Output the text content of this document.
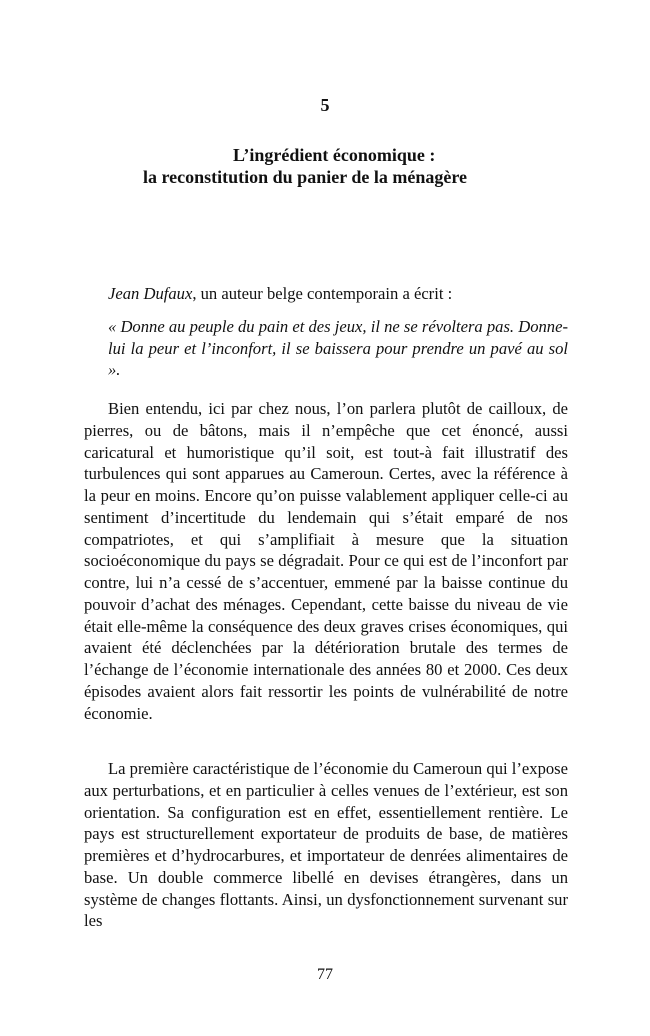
5
L’ingrédient économique :
la reconstitution du panier de la ménagère
Jean Dufaux, un auteur belge contemporain a écrit :
« Donne au peuple du pain et des jeux, il ne se révoltera pas. Donne-lui la peur et l’inconfort, il se baissera pour prendre un pavé au sol ».

Bien entendu, ici par chez nous, l’on parlera plutôt de cailloux, de pierres, ou de bâtons, mais il n’empêche que cet énoncé, aussi caricatural et humoristique qu’il soit, est tout-à fait illustratif des turbulences qui sont apparues au Cameroun. Certes, avec la référence à la peur en moins. Encore qu’on puisse valablement appliquer celle-ci au sentiment d’incertitude du lendemain qui s’était emparé de nos compatriotes, et qui s’amplifiait à mesure que la situation socioéconomique du pays se dégradait. Pour ce qui est de l’inconfort par contre, lui n’a cessé de s’accentuer, emmené par la baisse continue du pouvoir d’achat des ménages. Cependant, cette baisse du niveau de vie était elle-même la conséquence des deux graves crises économiques, qui avaient été déclenchées par la détérioration brutale des termes de l’échange de l’économie internationale des années 80 et 2000. Ces deux épisodes avaient alors fait ressortir les points de vulnérabilité de notre économie.

La première caractéristique de l’économie du Cameroun qui l’expose aux perturbations, et en particulier à celles venues de l’extérieur, est son orientation. Sa configuration est en effet, essentiellement rentière. Le pays est structurellement exportateur de produits de base, de matières premières et d’hydrocarbures, et importateur de denrées alimentaires de base. Un double commerce libellé en devises étrangères, dans un système de changes flottants. Ainsi, un dysfonctionnement survenant sur les

77
